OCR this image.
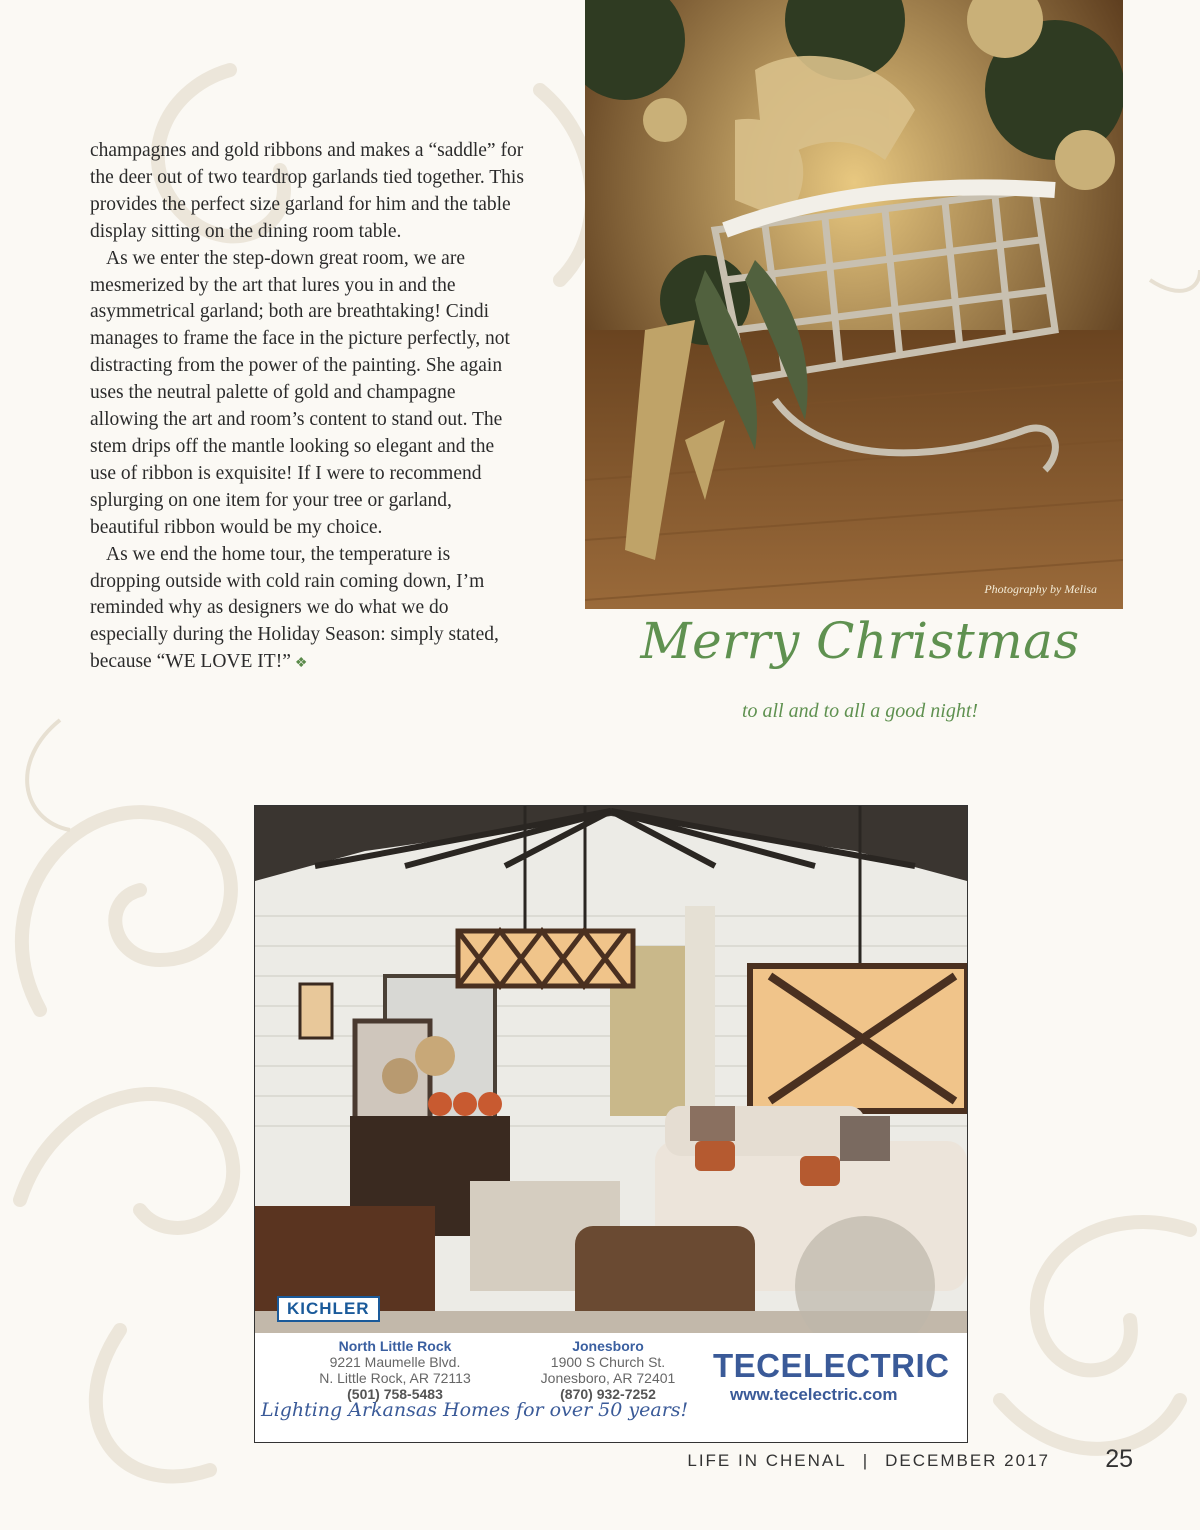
champagnes and gold ribbons and makes a “saddle” for the deer out of two teardrop garlands tied together. This provides the perfect size garland for him and the table display sitting on the dining room table.

As we enter the step-down great room, we are mesmerized by the art that lures you in and the asymmetrical garland; both are breathtaking! Cindi manages to frame the face in the picture perfectly, not distracting from the power of the painting. She again uses the neutral palette of gold and champagne allowing the art and room’s content to stand out. The stem drips off the mantle looking so elegant and the use of ribbon is exquisite! If I were to recommend splurging on one item for your tree or garland, beautiful ribbon would be my choice.

As we end the home tour, the temperature is dropping outside with cold rain coming down, I’m reminded why as designers we do what we do especially during the Holiday Season: simply stated, because “WE LOVE IT!” ❖

Photography by Melisa
Merry Christmas
to all and to all a good night!
KICHLER
North Little Rock
9221 Maumelle Blvd.
N. Little Rock, AR 72113
(501) 758-5483
Jonesboro
1900 S Church St.
Jonesboro, AR 72401
(870) 932-7252
TECELECTRIC
www.tecelectric.com
Lighting Arkansas Homes for over 50 years!
LIFE IN CHENAL | DECEMBER 2017 25
